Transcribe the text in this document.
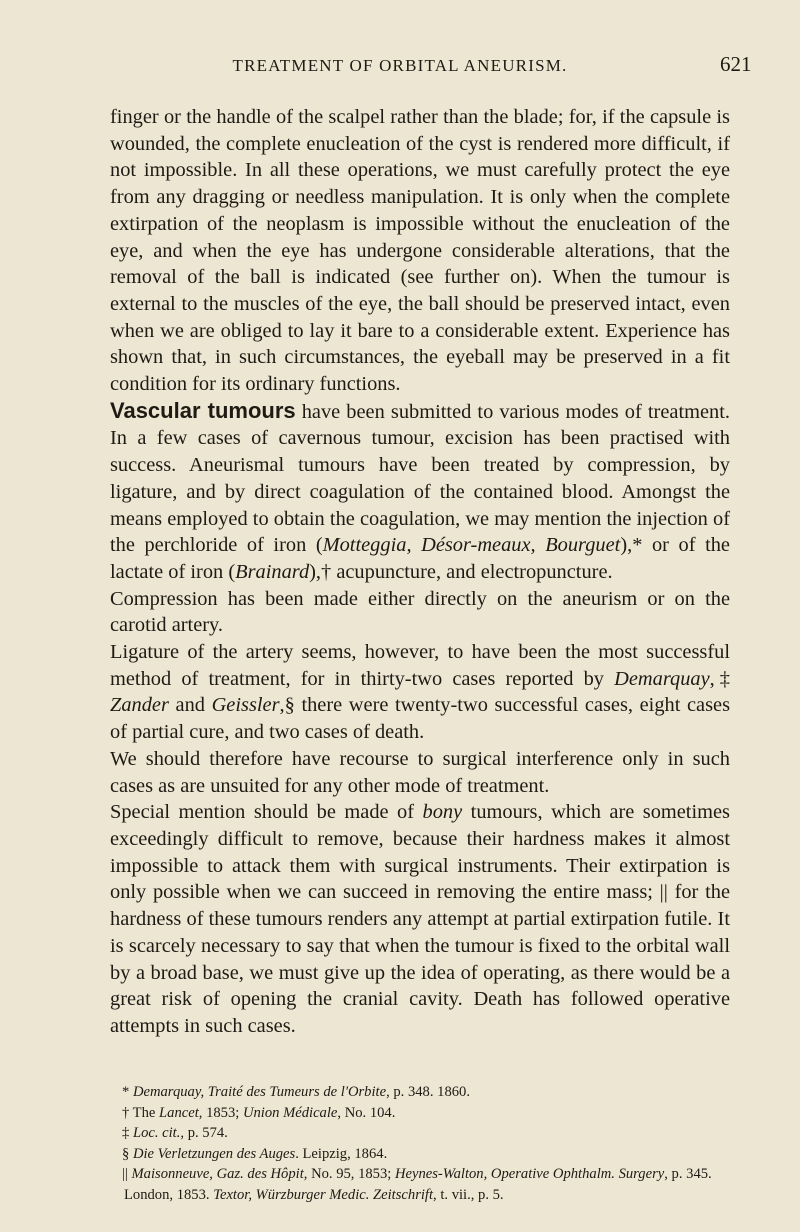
TREATMENT OF ORBITAL ANEURISM.	621

finger or the handle of the scalpel rather than the blade; for, if the capsule is wounded, the complete enucleation of the cyst is rendered more difficult, if not impossible. In all these operations, we must carefully protect the eye from any dragging or needless manipulation. It is only when the complete extirpation of the neoplasm is impossible without the enucleation of the eye, and when the eye has undergone considerable alterations, that the removal of the ball is indicated (see further on). When the tumour is external to the muscles of the eye, the ball should be preserved intact, even when we are obliged to lay it bare to a considerable extent. Experience has shown that, in such circumstances, the eyeball may be preserved in a fit condition for its ordinary functions.

Vascular tumours have been submitted to various modes of treatment. In a few cases of cavernous tumour, excision has been practised with success. Aneurismal tumours have been treated by compression, by ligature, and by direct coagulation of the contained blood. Amongst the means employed to obtain the coagulation, we may mention the injection of the perchloride of iron (Motteggia, Désor-meaux, Bourguet),* or of the lactate of iron (Brainard),† acupuncture, and electropuncture.

Compression has been made either directly on the aneurism or on the carotid artery.

Ligature of the artery seems, however, to have been the most successful method of treatment, for in thirty-two cases reported by Demarquay,‡ Zander and Geissler,§ there were twenty-two successful cases, eight cases of partial cure, and two cases of death.

We should therefore have recourse to surgical interference only in such cases as are unsuited for any other mode of treatment.

Special mention should be made of bony tumours, which are sometimes exceedingly difficult to remove, because their hardness makes it almost impossible to attack them with surgical instruments. Their extirpation is only possible when we can succeed in removing the entire mass; || for the hardness of these tumours renders any attempt at partial extirpation futile. It is scarcely necessary to say that when the tumour is fixed to the orbital wall by a broad base, we must give up the idea of operating, as there would be a great risk of opening the cranial cavity. Death has followed operative attempts in such cases.

* Demarquay, Traité des Tumeurs de l'Orbite, p. 348. 1860.

† The Lancet, 1853; Union Médicale, No. 104.

‡ Loc. cit., p. 574.

§ Die Verletzungen des Auges. Leipzig, 1864.

|| Maisonneuve, Gaz. des Hôpit, No. 95, 1853; Heynes-Walton, Operative Ophthalm. Surgery, p. 345. London, 1853. Textor, Würzburger Medic. Zeitschrift, t. vii., p. 5.
